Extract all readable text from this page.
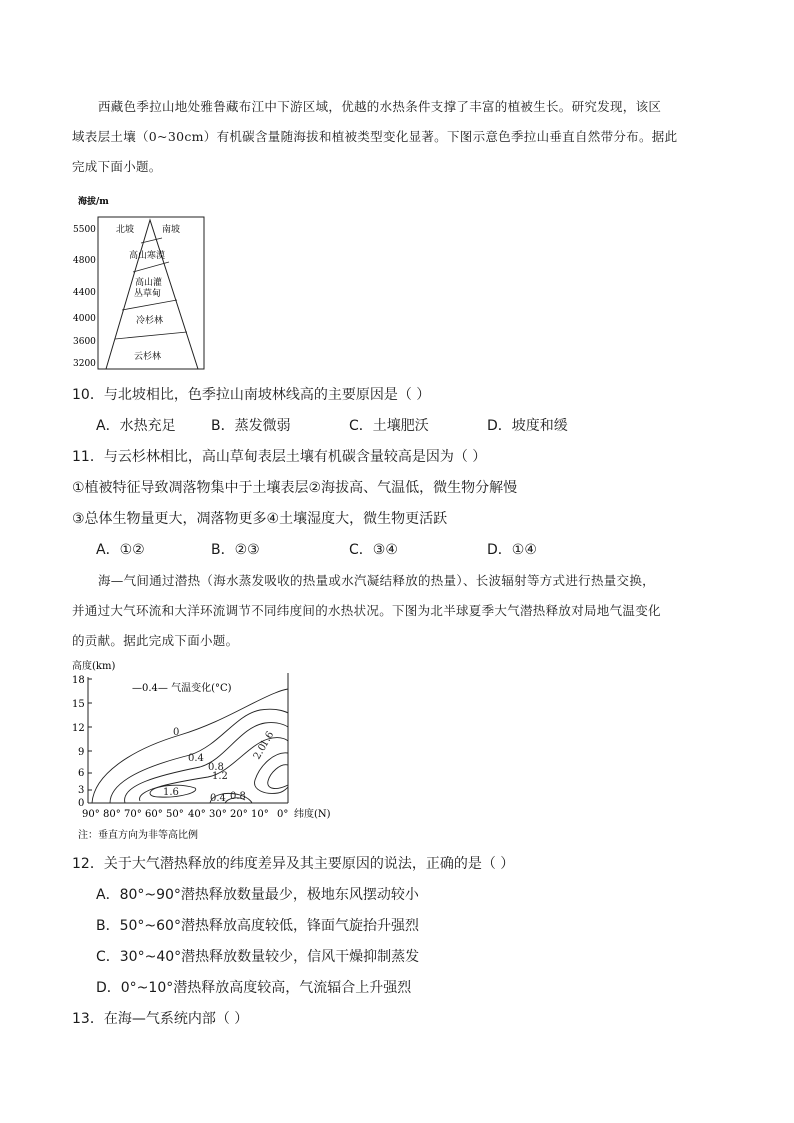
西藏色季拉山地处雅鲁藏布江中下游区域，优越的水热条件支撑了丰富的植被生长。研究发现，该区
域表层土壤（0~30cm）有机碳含量随海拔和植被类型变化显著。下图示意色季拉山垂直自然带分布。据此
完成下面小题。
海拔/m
5500
4800
4400
4000
3600
3200
北坡	南坡
高山寒漠
高山灌
丛草甸
冷杉林
云杉林
10．与北坡相比，色季拉山南坡林线高的主要原因是（ ）
A．水热充足	B．蒸发微弱	C．土壤肥沃	D．坡度和缓
11．与云杉林相比，高山草甸表层土壤有机碳含量较高是因为（ ）
①植被特征导致凋落物集中于土壤表层②海拔高、气温低，微生物分解慢
③总体生物量更大，凋落物更多④土壤湿度大，微生物更活跃
A．①②	B．②③	C．③④	D．①④
海—气间通过潜热（海水蒸发吸收的热量或水汽凝结释放的热量）、长波辐射等方式进行热量交换，
并通过大气环流和大洋环流调节不同纬度间的水热状况。下图为北半球夏季大气潜热释放对局地气温变化
的贡献。据此完成下面小题。
高度(km)
18
15
12
9
6
3
0
90° 80° 70° 60° 50° 40° 30° 20° 10° 0° 纬度(N)
—0.4— 气温变化(°C)
0
0.4
0.8
1.2
1.6
2.0
1.6
0.4 0.8
注：垂直方向为非等高比例
12．关于大气潜热释放的纬度差异及其主要原因的说法，正确的是（ ）
A．80°~90°潜热释放数量最少，极地东风摆动较小
B．50°~60°潜热释放高度较低，锋面气旋抬升强烈
C．30°~40°潜热释放数量较少，信风干燥抑制蒸发
D．0°~10°潜热释放高度较高，气流辐合上升强烈
13．在海—气系统内部（ ）
